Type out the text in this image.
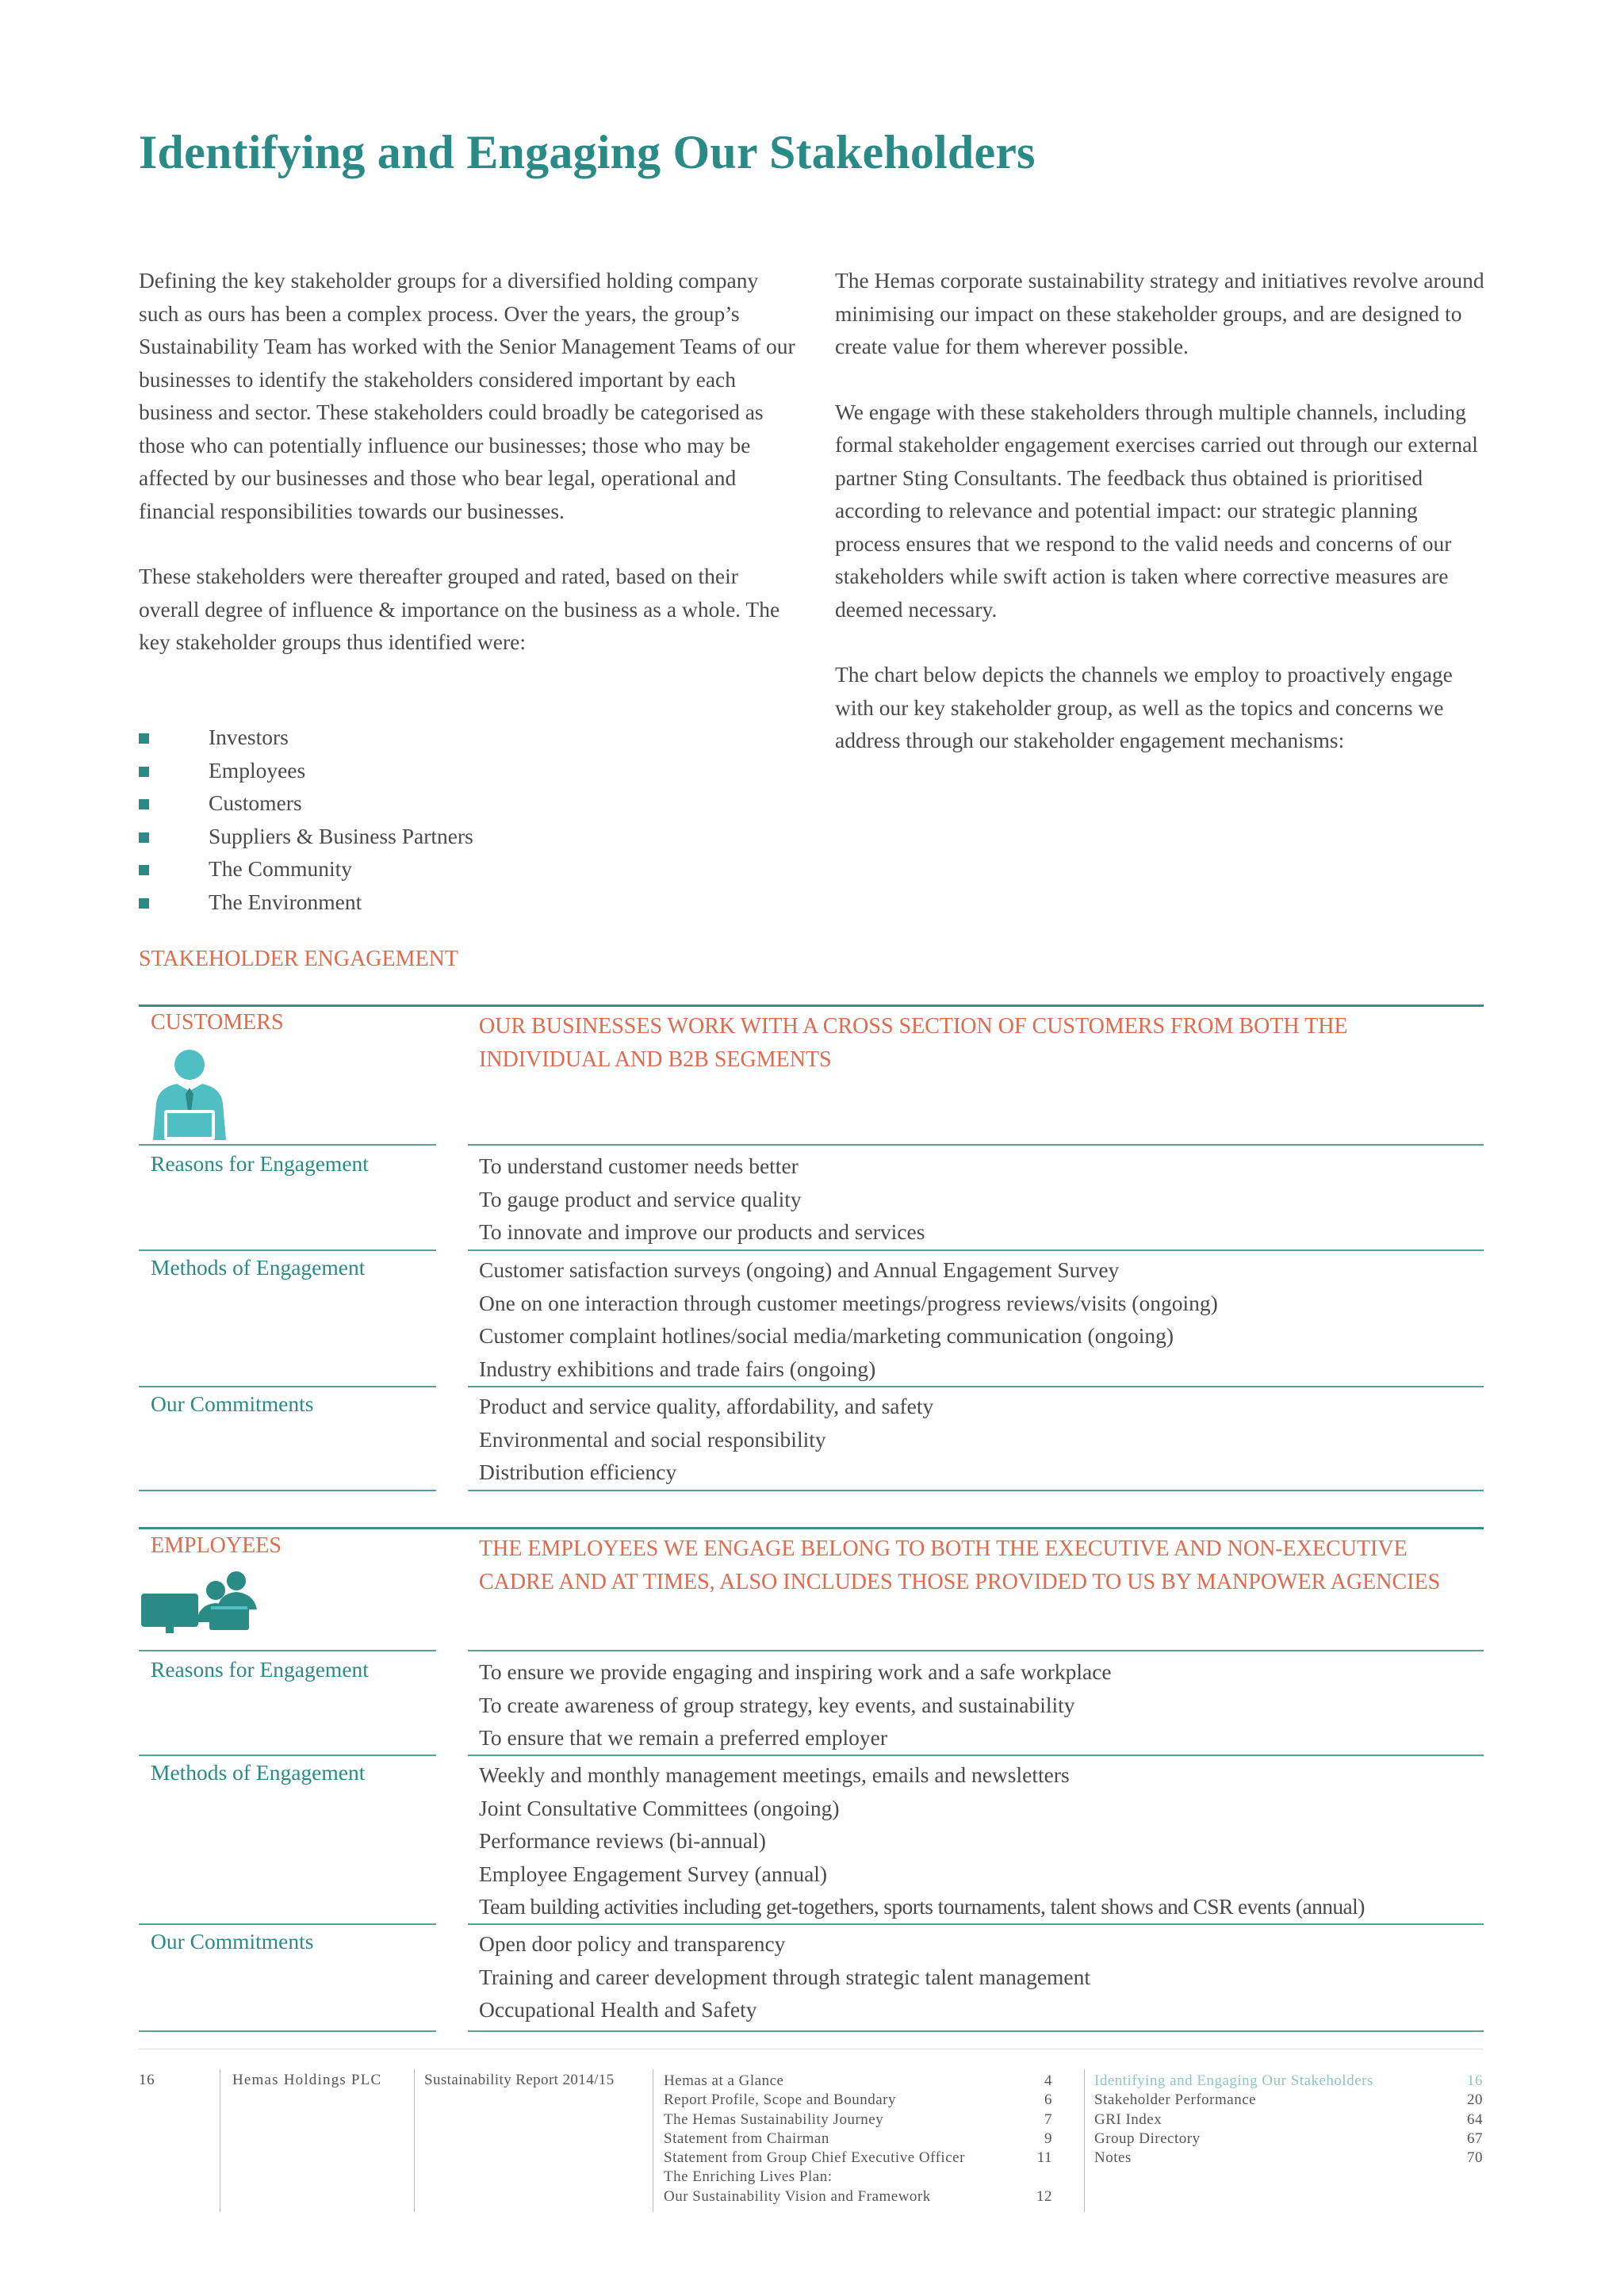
Identifying and Engaging Our Stakeholders

Defining the key stakeholder groups for a diversified holding company such as ours has been a complex process. Over the years, the group’s Sustainability Team has worked with the Senior Management Teams of our businesses to identify the stakeholders considered important by each business and sector. These stakeholders could broadly be categorised as those who can potentially influence our businesses; those who may be affected by our businesses and those who bear legal, operational and financial responsibilities towards our businesses.

These stakeholders were thereafter grouped and rated, based on their overall degree of influence & importance on the business as a whole. The key stakeholder groups thus identified were:

Investors
Employees
Customers
Suppliers & Business Partners
The Community
The Environment

The Hemas corporate sustainability strategy and initiatives revolve around minimising our impact on these stakeholder groups, and are designed to create value for them wherever possible.

We engage with these stakeholders through multiple channels, including formal stakeholder engagement exercises carried out through our external partner Sting Consultants. The feedback thus obtained is prioritised according to relevance and potential impact: our strategic planning process ensures that we respond to the valid needs and concerns of our stakeholders while swift action is taken where corrective measures are deemed necessary.

The chart below depicts the channels we employ to proactively engage with our key stakeholder group, as well as the topics and concerns we address through our stakeholder engagement mechanisms:

STAKEHOLDER ENGAGEMENT
CUSTOMERS	OUR BUSINESSES WORK WITH A CROSS SECTION OF CUSTOMERS FROM BOTH THE INDIVIDUAL AND B2B SEGMENTS
Reasons for Engagement	To understand customer needs better
To gauge product and service quality
To innovate and improve our products and services
Methods of Engagement	Customer satisfaction surveys (ongoing) and Annual Engagement Survey
One on one interaction through customer meetings/progress reviews/visits (ongoing)
Customer complaint hotlines/social media/marketing communication (ongoing)
Industry exhibitions and trade fairs (ongoing)
Our Commitments	Product and service quality, affordability, and safety
Environmental and social responsibility
Distribution efficiency
EMPLOYEES	THE EMPLOYEES WE ENGAGE BELONG TO BOTH THE EXECUTIVE AND NON-EXECUTIVE CADRE AND AT TIMES, ALSO INCLUDES THOSE PROVIDED TO US BY MANPOWER AGENCIES
Reasons for Engagement	To ensure we provide engaging and inspiring work and a safe workplace
To create awareness of group strategy, key events, and sustainability
To ensure that we remain a preferred employer
Methods of Engagement	Weekly and monthly management meetings, emails and newsletters
Joint Consultative Committees (ongoing)
Performance reviews (bi-annual)
Employee Engagement Survey (annual)
Team building activities including get-togethers, sports tournaments, talent shows and CSR events (annual)
Our Commitments	Open door policy and transparency
Training and career development through strategic talent management
Occupational Health and Safety
16	Hemas Holdings PLC	Sustainability Report 2014/15	Hemas at a Glance	4
Report Profile, Scope and Boundary	6
The Hemas Sustainability Journey	7
Statement from Chairman	9
Statement from Group Chief Executive Officer	11
The Enriching Lives Plan:
Our Sustainability Vision and Framework	12
Identifying and Engaging Our Stakeholders	16
Stakeholder Performance	20
GRI Index	64
Group Directory	67
Notes	70
